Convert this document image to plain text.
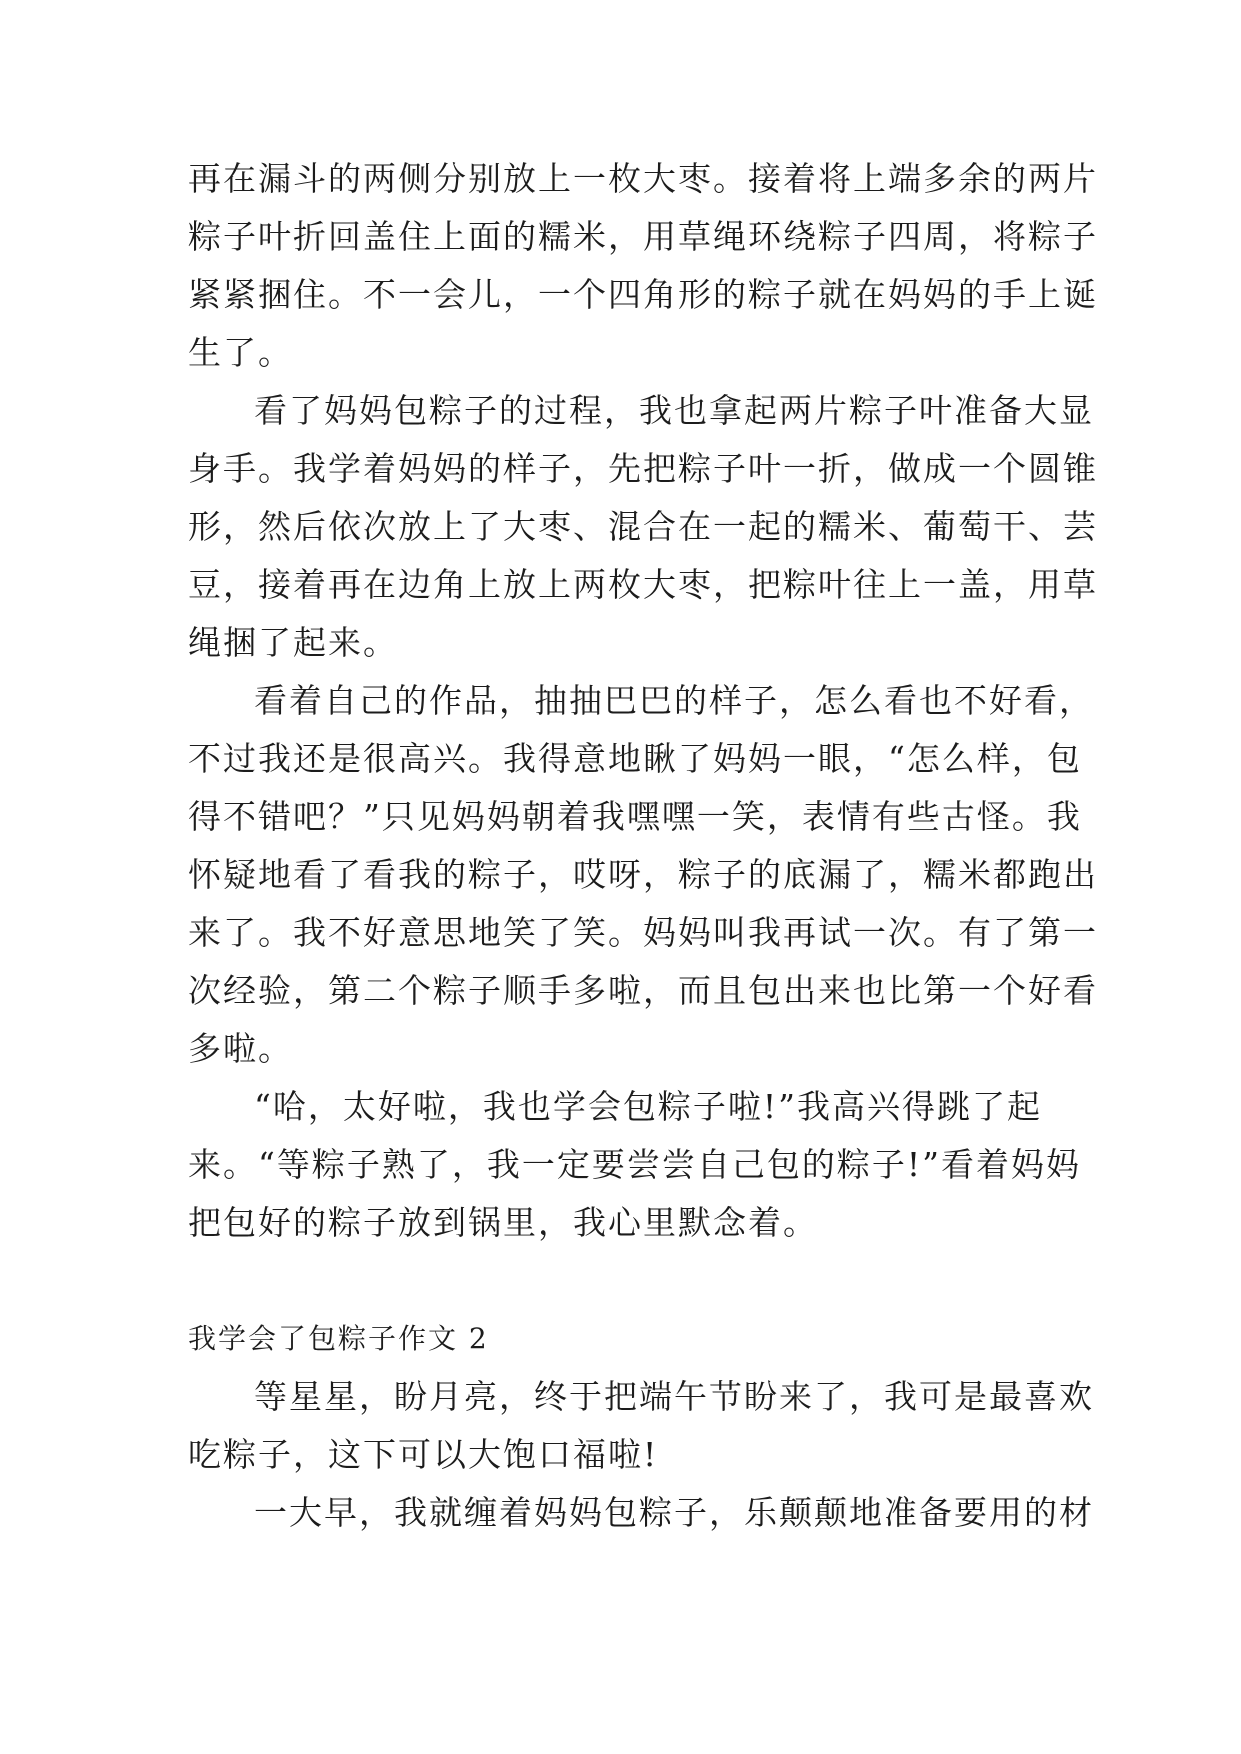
再在漏斗的两侧分别放上一枚大枣。接着将上端多余的两片
粽子叶折回盖住上面的糯米，用草绳环绕粽子四周，将粽子
紧紧捆住。不一会儿，一个四角形的粽子就在妈妈的手上诞
生了。
看了妈妈包粽子的过程，我也拿起两片粽子叶准备大显
身手。我学着妈妈的样子，先把粽子叶一折，做成一个圆锥
形，然后依次放上了大枣、混合在一起的糯米、葡萄干、芸
豆，接着再在边角上放上两枚大枣，把粽叶往上一盖，用草
绳捆了起来。
看着自己的作品，抽抽巴巴的样子，怎么看也不好看，
不过我还是很高兴。我得意地瞅了妈妈一眼，“怎么样，包
得不错吧？”只见妈妈朝着我嘿嘿一笑，表情有些古怪。我
怀疑地看了看我的粽子，哎呀，粽子的底漏了，糯米都跑出
来了。我不好意思地笑了笑。妈妈叫我再试一次。有了第一
次经验，第二个粽子顺手多啦，而且包出来也比第一个好看
多啦。
“哈，太好啦，我也学会包粽子啦!”我高兴得跳了起
来。“等粽子熟了，我一定要尝尝自己包的粽子!”看着妈妈
把包好的粽子放到锅里，我心里默念着。
我学会了包粽子作文 2
等星星，盼月亮，终于把端午节盼来了，我可是最喜欢
吃粽子，这下可以大饱口福啦!
一大早，我就缠着妈妈包粽子，乐颠颠地准备要用的材
